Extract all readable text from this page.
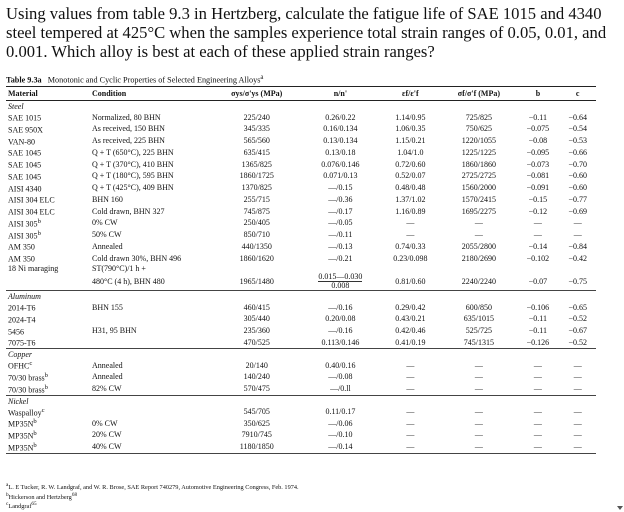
Using values from table 9.3 in Hertzberg, calculate the fatigue life of SAE 1015 and 4340 steel tempered at 425°C when the samples experience total strain ranges of 0.05, 0.01, and 0.001. Which alloy is best at each of these applied strain ranges?
Table 9.3a Monotonic and Cyclic Properties of Selected Engineering Alloys$^a$
Material	Condition	σys/σ'ys (MPa)	n/n'	εf/ε'f	σf/σ'f (MPa)	b	c
Steel							
SAE 1015	Normalized, 80 BHN	225/240	0.26/0.22	1.14/0.95	725/825	−0.11	−0.64
SAE 950X	As received, 150 BHN	345/335	0.16/0.134	1.06/0.35	750/625	−0.075	−0.54
VAN-80	As received, 225 BHN	565/560	0.13/0.134	1.15/0.21	1220/1055	−0.08	−0.53
SAE 1045	Q + T (650°C), 225 BHN	635/415	0.13/0.18	1.04/1.0	1225/1225	−0.095	−0.66
SAE 1045	Q + T (370°C), 410 BHN	1365/825	0.076/0.146	0.72/0.60	1860/1860	−0.073	−0.70
SAE 1045	Q + T (180°C), 595 BHN	1860/1725	0.071/0.13	0.52/0.07	2725/2725	−0.081	−0.60
AISI 4340	Q + T (425°C), 409 BHN	1370/825	—/0.15	0.48/0.48	1560/2000	−0.091	−0.60
AISI 304 ELC	BHN 160	255/715	—/0.36	1.37/1.02	1570/2415	−0.15	−0.77
AISI 304 ELC	Cold drawn, BHN 327	745/875	—/0.17	1.16/0.89	1695/2275	−0.12	−0.69
AISI 305$^b$	0% CW	250/405	—/0.05	—	—	—	—
AISI 305$^b$	50% CW	850/710	—/0.11	—	—	—	—
AM 350	Annealed	440/1350	—/0.13	0.74/0.33	2055/2800	−0.14	−0.84
AM 350	Cold drawn 30%, BHN 496	1860/1620	—/0.21	0.23/0.098	2180/2690	−0.102	−0.42
18 Ni maraging	ST(790°C)/1 h +						
	480°C (4 h), BHN 480	1965/1480	$\frac{0.015—0.030}{0.008}$	0.81/0.60	2240/2240	−0.07	−0.75
Aluminum							
2014-T6	BHN 155	460/415	—/0.16	0.29/0.42	600/850	−0.106	−0.65
2024-T4		305/440	0.20/0.08	0.43/0.21	635/1015	−0.11	−0.52
5456	H31, 95 BHN	235/360	—/0.16	0.42/0.46	525/725	−0.11	−0.67
7075-T6		470/525	0.113/0.146	0.41/0.19	745/1315	−0.126	−0.52
Copper							
OFHC$^c$	Annealed	20/140	0.40/0.16	—	—	—	—
70/30 brass$^b$	Annealed	140/240	—/0.08	—	—	—	—
70/30 brass$^b$	82% CW	570/475	—/0.ll	—	—	—	—
Nickel							
Waspalloy$^c$		545/705	0.11/0.17	—	—	—	—
$MP35N^b$	0% CW	350/625	—/0.06	—	—	—	—
$MP35N^b$	20% CW	7910/745	—/0.10	—	—	—	—
$MP35N^b$	40% CW	1180/1850	—/0.14	—	—	—	—
$^a$L. E Tucker, R. W. Landgraf, and W. R. Brose, SAE Report 740279, Automotive Engineering Congress, Feb. 1974.
$^b$Hickerson and Hertzberg$^{68}$
$^c$Landgraf$^{65}$
